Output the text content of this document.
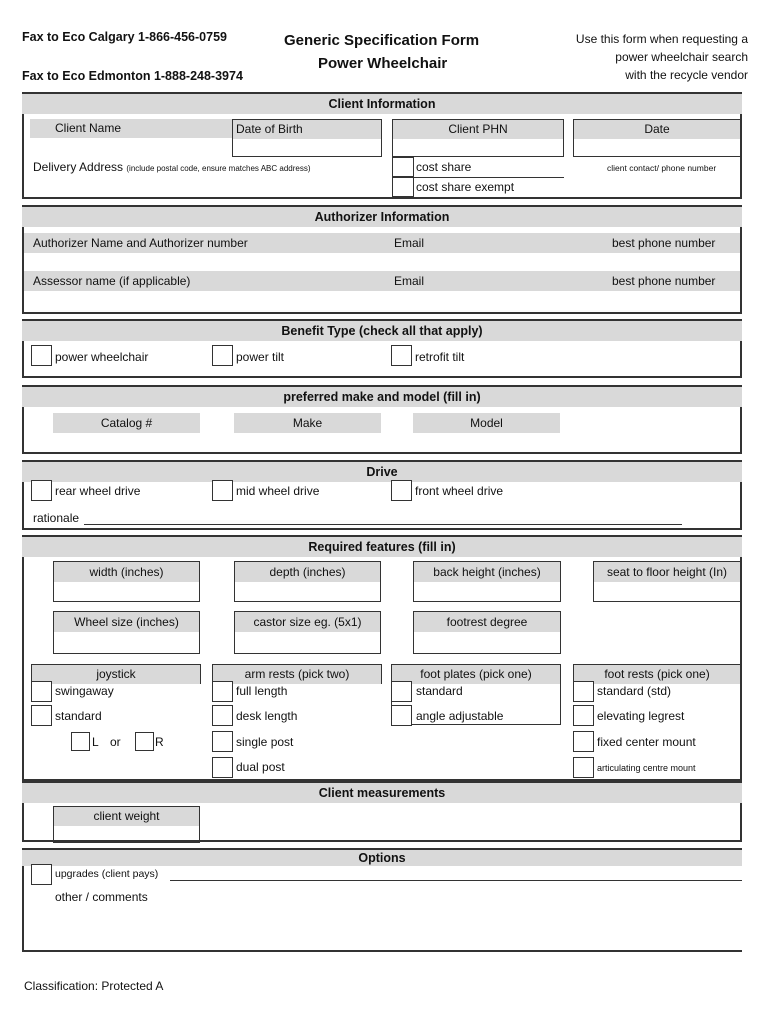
Fax to Eco Calgary 1-866-456-0759
Fax to Eco Edmonton 1-888-248-3974
Generic Specification Form
Power Wheelchair
Use this form when requesting a
power wheelchair search
with the recycle vendor
Client Information
Client Name	Date of Birth	Client PHN	Date
Delivery Address (include postal code, ensure matches ABC address)	cost share
cost share exempt
client contact/ phone number
Authorizer Information
Authorizer Name and Authorizer number	Email	best phone number
Assessor name (if applicable)	Email	best phone number
Benefit Type (check all that apply)
power wheelchair	power tilt	retrofit tilt
preferred make and model (fill in)
Catalog #	Make	Model
Drive
rear wheel drive	mid wheel drive	front wheel drive
rationale
Required features (fill in)
width (inches)	depth (inches)	back height (inches)	seat to floor height (In)
Wheel size (inches)	castor size eg. (5x1)	footrest degree
joystick
swingaway
standard
L or	R
arm rests (pick two)
full length
desk length
single post
dual post
foot plates (pick one)
standard
angle adjustable
foot rests (pick one)
standard (std)
elevating legrest
fixed center mount
articulating centre mount
Client measurements
client weight
Options
upgrades (client pays)
other / comments
Classification: Protected A
